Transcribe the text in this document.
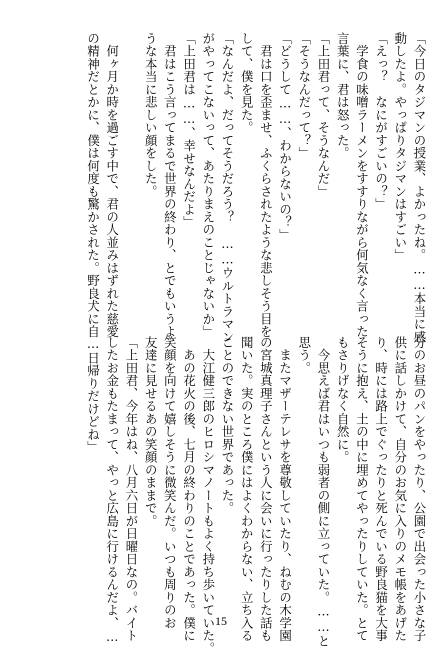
「今日のタジマンの授業、よかったね。……本当に感
動したよ。やっぱりタジマンはすごい」
「えっ？　なにがすごいの？」
　学食の味噌ラーメンをすすりながら何気なく言った
言葉に、君は怒った。
「上田君って、そうなんだ」
「そうなんだって？」
「どうして……、わからないの？」
　君は口を歪ませ、ふくらされたような悲しそう目を
して、僕を見た。
「なんだよ、だってそうだろう？　……ウルトラマン
がやってこないって、あたりまえのことじゃないか」
「上田君は……、幸せなんだよ」
　君はこう言ってまるで世界の終わり、とでもいうよ
うな本当に悲しい顔をした。

　何ヶ月か時を過ごす中で、君の人並みはずれた慈愛
の精神だとかに、僕は何度も驚かされた。野良犬に自
分のお昼のパンをやったり、公園で出会った小さな子
供に話しかけて、自分のお気に入りのメモ帳をあげた
り、時には路上でぐったりと死んでいる野良猫を大事
そうに抱え、土の中に埋めてやったりしていた。とて
もさりげなく自然に。
　今思えば君はいつも弱者の側に立っていた。……と
思う。
　またマザーテレサを尊敬していたり、ねむの木学園
の宮城真理子さんという人に会いに行ったりした話も
聞いた。実のところ僕にはよくわからない、立ち入る
ことのできない世界であった。
　大江健三郎のヒロシマノートもよく持ち歩いていた。
　あの花火の後、七月の終わりのことであった。僕に
笑顔を向けて嬉しそうに微笑んだ。いつも周りのお
友達に見せるあの笑顔のままで。
「上田君、今年はね、八月六日が日曜日なの。バイト
したお金もたまって、やっと広島に行けるんだよ、…
…日帰りだけどね」
15
